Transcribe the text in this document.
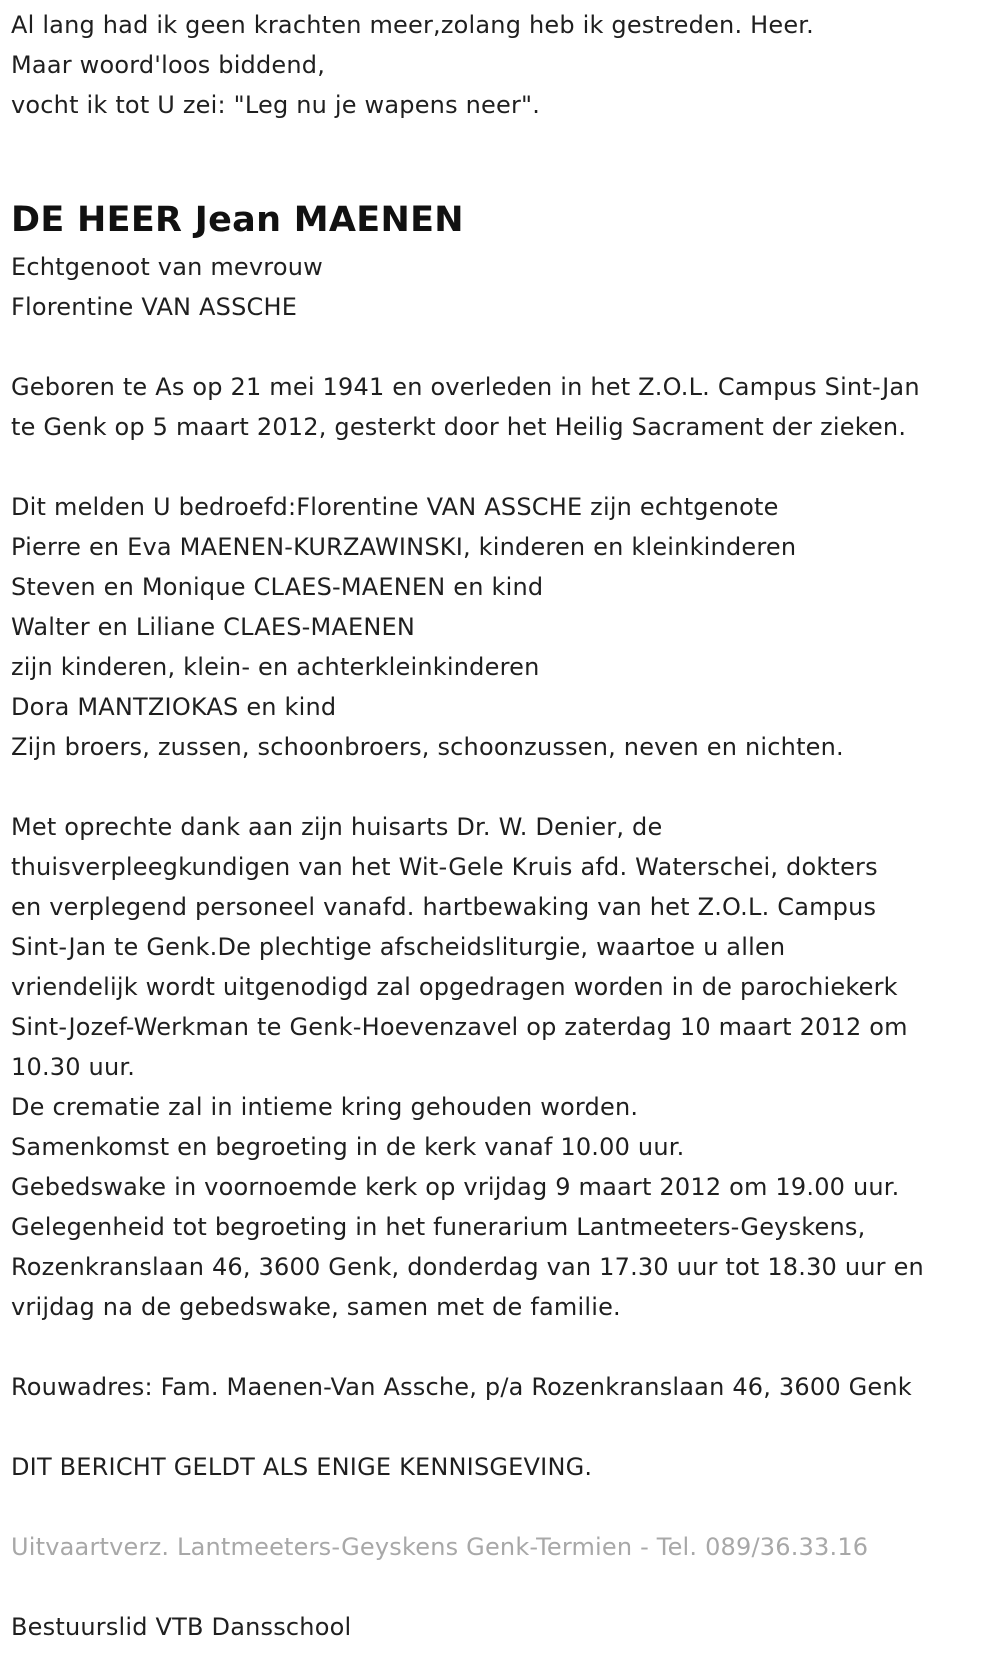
Al lang had ik geen krachten meer,zolang heb ik gestreden. Heer.
Maar woord'loos biddend,
vocht ik tot U zei: "Leg nu je wapens neer".
DE HEER Jean MAENEN
Echtgenoot van mevrouw
Florentine VAN ASSCHE
Geboren te As op 21 mei 1941 en overleden in het Z.O.L. Campus Sint-Jan
te Genk op 5 maart 2012, gesterkt door het Heilig Sacrament der zieken.
Dit melden U bedroefd:Florentine VAN ASSCHE zijn echtgenote
Pierre en Eva MAENEN-KURZAWINSKI, kinderen en kleinkinderen
Steven en Monique CLAES-MAENEN en kind
Walter en Liliane CLAES-MAENEN
zijn kinderen, klein- en achterkleinkinderen
Dora MANTZIOKAS en kind
Zijn broers, zussen, schoonbroers, schoonzussen, neven en nichten.
Met oprechte dank aan zijn huisarts Dr. W. Denier, de
thuisverpleegkundigen van het Wit-Gele Kruis afd. Waterschei, dokters
en verplegend personeel vanafd. hartbewaking van het Z.O.L. Campus
Sint-Jan te Genk.De plechtige afscheidsliturgie, waartoe u allen
vriendelijk wordt uitgenodigd zal opgedragen worden in de parochiekerk
Sint-Jozef-Werkman te Genk-Hoevenzavel op zaterdag 10 maart 2012 om
10.30 uur.
De crematie zal in intieme kring gehouden worden.
Samenkomst en begroeting in de kerk vanaf 10.00 uur.
Gebedswake in voornoemde kerk op vrijdag 9 maart 2012 om 19.00 uur.
Gelegenheid tot begroeting in het funerarium Lantmeeters-Geyskens,
Rozenkranslaan 46, 3600 Genk, donderdag van 17.30 uur tot 18.30 uur en
vrijdag na de gebedswake, samen met de familie.
Rouwadres: Fam. Maenen-Van Assche, p/a Rozenkranslaan 46, 3600 Genk
DIT BERICHT GELDT ALS ENIGE KENNISGEVING.
Uitvaartverz. Lantmeeters-Geyskens Genk-Termien - Tel. 089/36.33.16
Bestuurslid VTB Dansschool
